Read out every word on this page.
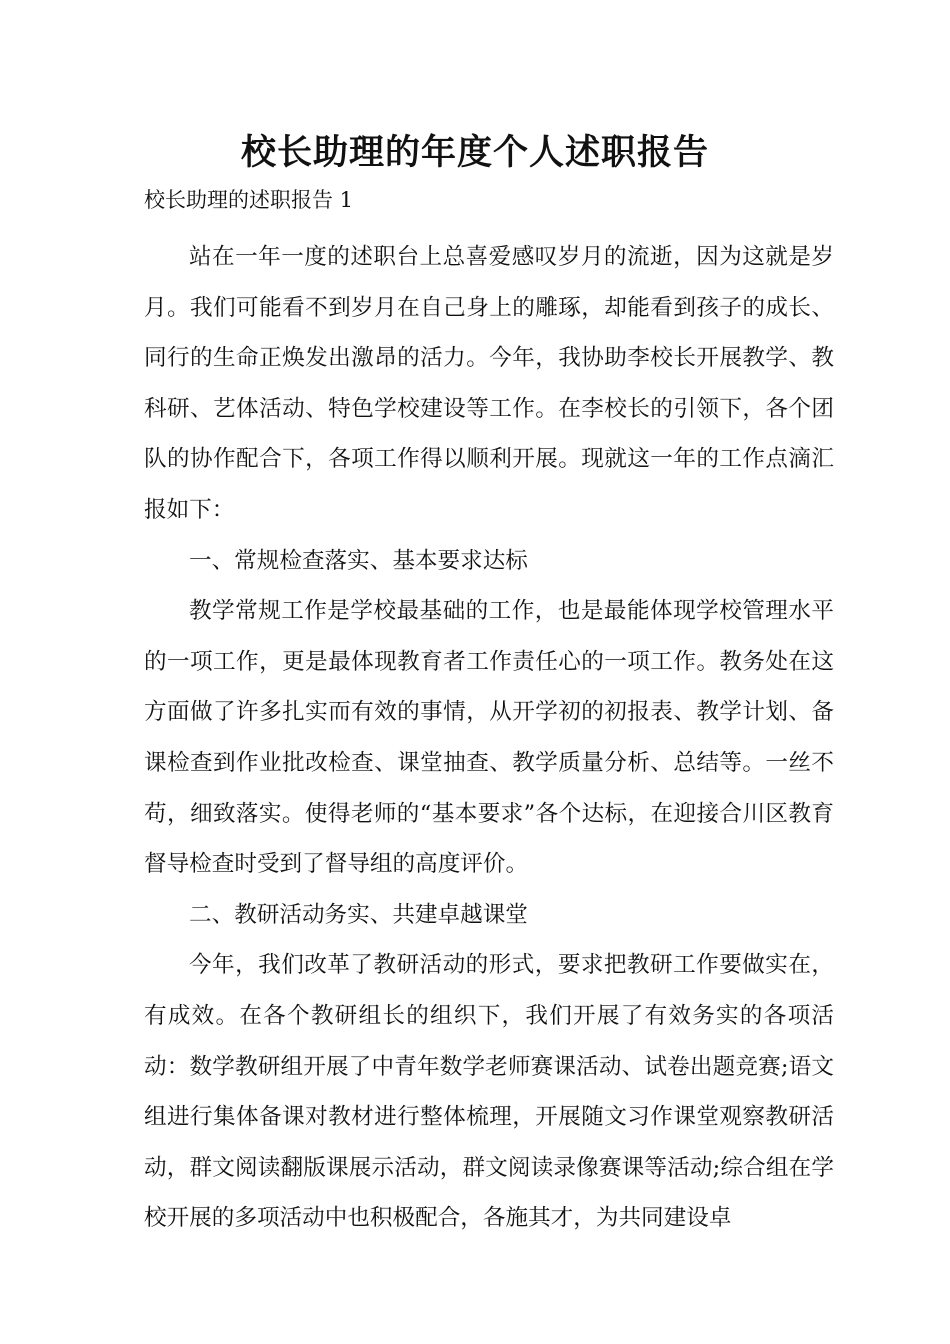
校长助理的年度个人述职报告
校长助理的述职报告 1

站在一年一度的述职台上总喜爱感叹岁月的流逝，因为这就是岁月。我们可能看不到岁月在自己身上的雕琢，却能看到孩子的成长、同行的生命正焕发出激昂的活力。今年，我协助李校长开展教学、教科研、艺体活动、特色学校建设等工作。在李校长的引领下，各个团队的协作配合下，各项工作得以顺利开展。现就这一年的工作点滴汇报如下：

一、常规检查落实、基本要求达标

教学常规工作是学校最基础的工作，也是最能体现学校管理水平的一项工作，更是最体现教育者工作责任心的一项工作。教务处在这方面做了许多扎实而有效的事情，从开学初的初报表、教学计划、备课检查到作业批改检查、课堂抽查、教学质量分析、总结等。一丝不苟，细致落实。使得老师的“基本要求”各个达标，在迎接合川区教育督导检查时受到了督导组的高度评价。

二、教研活动务实、共建卓越课堂

今年，我们改革了教研活动的形式，要求把教研工作要做实在，有成效。在各个教研组长的组织下，我们开展了有效务实的各项活动：数学教研组开展了中青年数学老师赛课活动、试卷出题竞赛;语文组进行集体备课对教材进行整体梳理，开展随文习作课堂观察教研活动，群文阅读翻版课展示活动，群文阅读录像赛课等活动;综合组在学校开展的多项活动中也积极配合，各施其才，为共同建设卓
